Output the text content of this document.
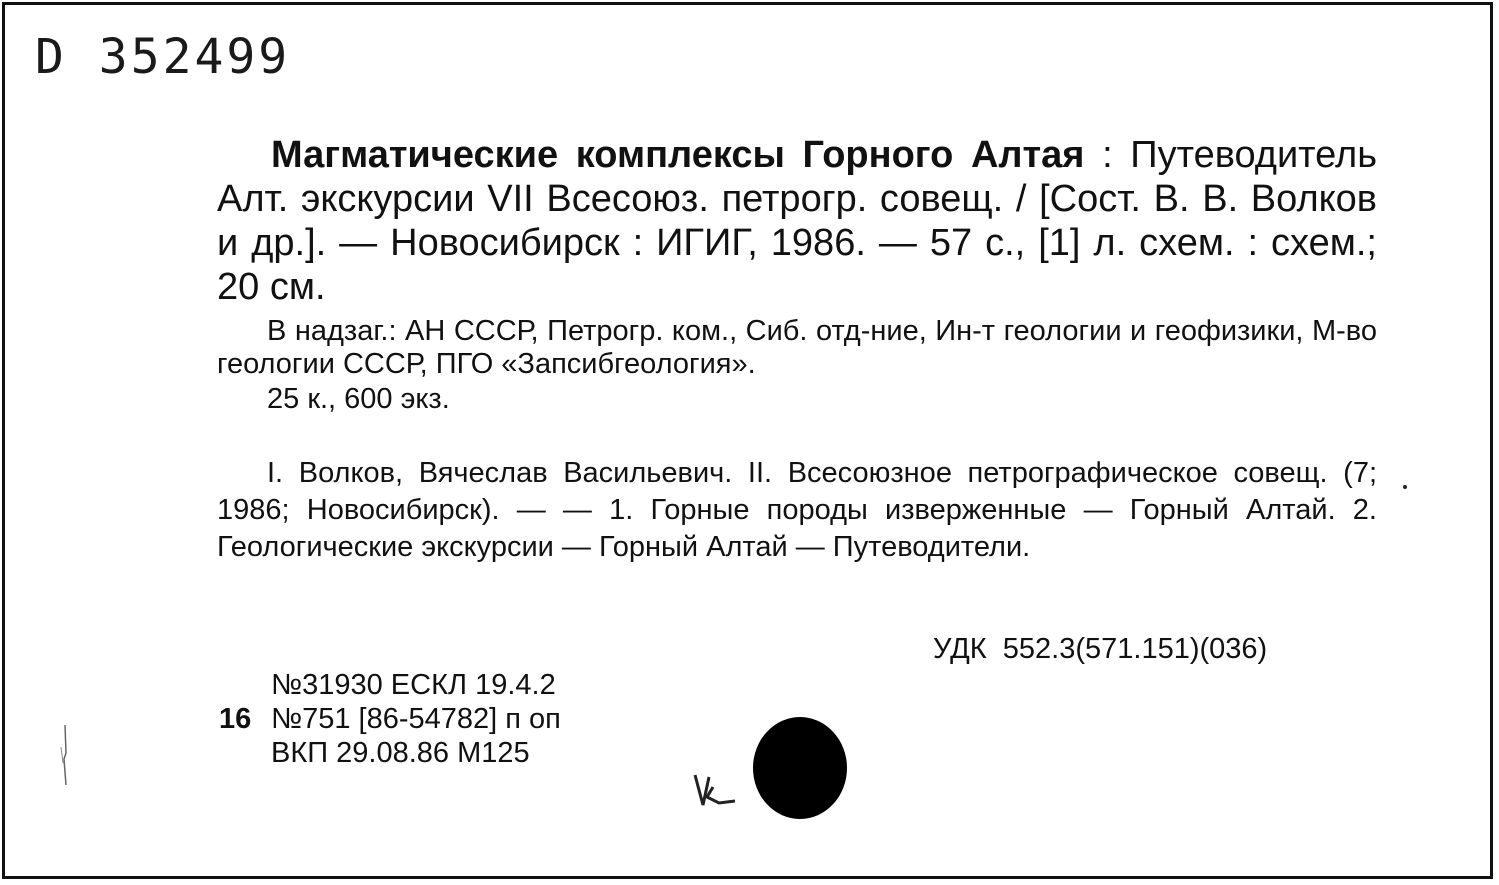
D 352499

Магматические комплексы Горного Алтая : Путеводитель Алт. экскурсии VII Всесоюз. петрогр. совещ. / [Сост. В. В. Волков и др.]. — Новосибирск : ИГИГ, 1986. — 57 с., [1] л. схем. : схем.; 20 см.

В надзаг.: АН СССР, Петрогр. ком., Сиб. отд-ние, Ин-т геологии и геофизики, М-во геологии СССР, ПГО «Запсибгеология».

25 к., 600 экз.

I. Волков, Вячеслав Васильевич. II. Всесоюзное петрографическое совещ. (7; 1986; Новосибирск). — — 1. Горные породы изверженные — Горный Алтай. 2. Геологические экскурсии — Горный Алтай — Путеводители.

УДК  552.3(571.151)(036)
№31930 ЕСКЛ 19.4.2
16 №751 [86-54782] п оп
ВКП 29.08.86 М125
